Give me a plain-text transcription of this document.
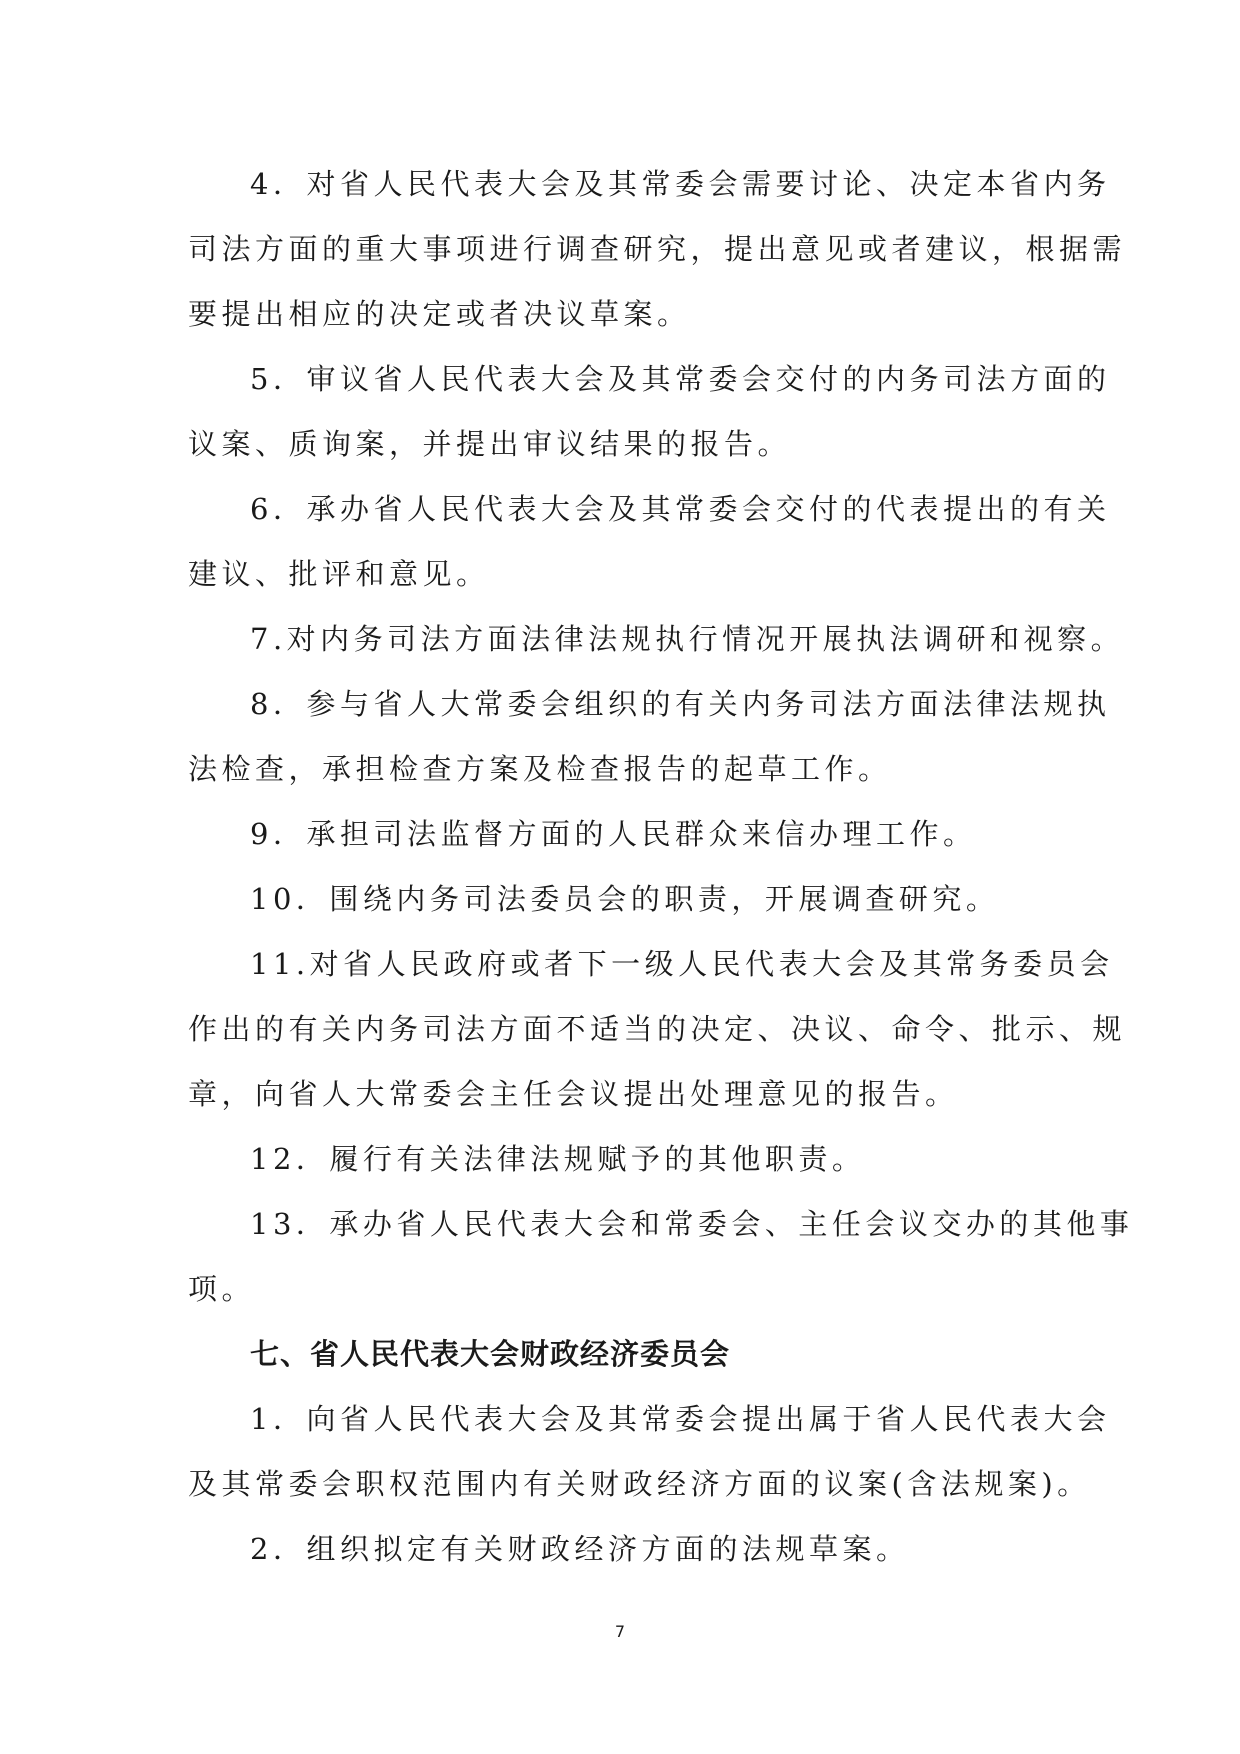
4．对省人民代表大会及其常委会需要讨论、决定本省内务
司法方面的重大事项进行调查研究，提出意见或者建议，根据需
要提出相应的决定或者决议草案。
5．审议省人民代表大会及其常委会交付的内务司法方面的
议案、质询案，并提出审议结果的报告。
6．承办省人民代表大会及其常委会交付的代表提出的有关
建议、批评和意见。
7.对内务司法方面法律法规执行情况开展执法调研和视察。
8．参与省人大常委会组织的有关内务司法方面法律法规执
法检查，承担检查方案及检查报告的起草工作。
9．承担司法监督方面的人民群众来信办理工作。
10．围绕内务司法委员会的职责，开展调查研究。
11.对省人民政府或者下一级人民代表大会及其常务委员会
作出的有关内务司法方面不适当的决定、决议、命令、批示、规
章，向省人大常委会主任会议提出处理意见的报告。
12．履行有关法律法规赋予的其他职责。
13．承办省人民代表大会和常委会、主任会议交办的其他事
项。
七、省人民代表大会财政经济委员会
1．向省人民代表大会及其常委会提出属于省人民代表大会
及其常委会职权范围内有关财政经济方面的议案(含法规案)。
2．组织拟定有关财政经济方面的法规草案。
7
